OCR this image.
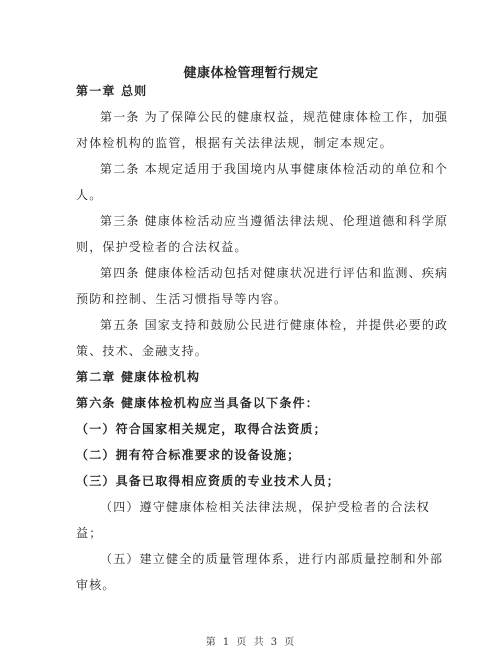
健康体检管理暂行规定

第一章 总则

第一条 为了保障公民的健康权益，规范健康体检工作，加强

对体检机构的监管，根据有关法律法规，制定本规定。

第二条 本规定适用于我国境内从事健康体检活动的单位和个

人。

第三条 健康体检活动应当遵循法律法规、伦理道德和科学原

则，保护受检者的合法权益。

第四条 健康体检活动包括对健康状况进行评估和监测、疾病

预防和控制、生活习惯指导等内容。

第五条 国家支持和鼓励公民进行健康体检，并提供必要的政

策、技术、金融支持。

第二章 健康体检机构

第六条 健康体检机构应当具备以下条件：

（一）符合国家相关规定，取得合法资质；

（二）拥有符合标准要求的设备设施；

（三）具备已取得相应资质的专业技术人员；

（四）遵守健康体检相关法律法规，保护受检者的合法权

益；

（五）建立健全的质量管理体系，进行内部质量控制和外部

审核。

第 1 页 共 3 页
